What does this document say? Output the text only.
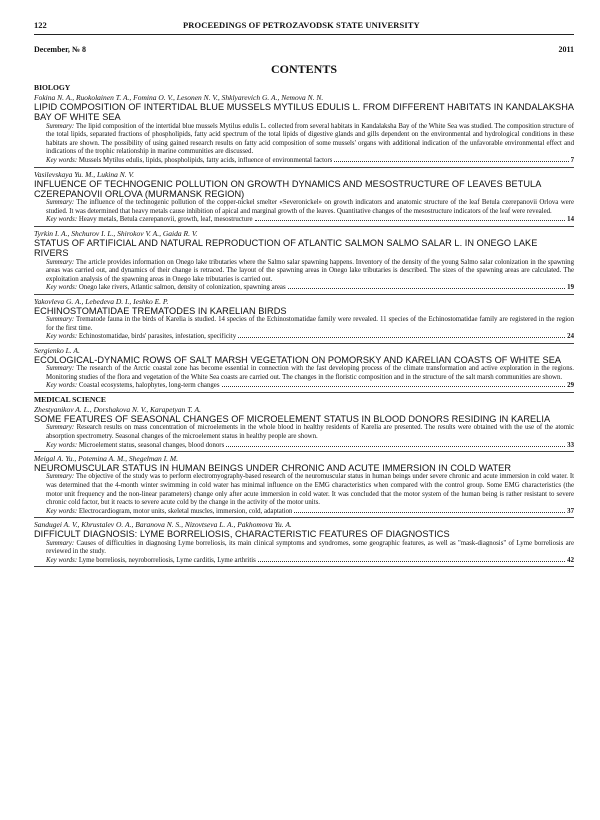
122	PROCEEDINGS OF PETROZAVODSK STATE UNIVERSITY
December, № 8	2011
CONTENTS
BIOLOGY
Fokina N. A., Ruokolainen T. A., Fomina O. V., Lesonen N. V., Shklyarevich G. A., Nemova N. N.
LIPID COMPOSITION OF INTERTIDAL BLUE MUSSELS MYTILUS EDULIS L. FROM DIFFERENT HABITATS IN KANDALAKSHA BAY OF WHITE SEA
Summary: The lipid composition of the intertidal blue mussels Mytilus edulis L. collected from several habitats in Kandalaksha Bay of the White Sea was studied. The composition structure of the total lipids, separated fractions of phospholipids, fatty acid spectrum of the total lipids of digestive glands and gills dependent on the environmental and hydrological conditions in these habitats are shown. The possibility of using gained research results on fatty acid composition of some mussels' organs with additional indication of the unfavorable environmental effect and indications of the trophic relationship in marine communities are discussed.
Key words: Mussels Mytilus edulis, lipids, phospholipids, fatty acids, influence of environmental factors	7
Vasilevskaya Yu. M., Lukina N. V.
INFLUENCE OF TECHNOGENIC POLLUTION ON GROWTH DYNAMICS AND MESOSTRUCTURE OF LEAVES BETULA CZEREPANOVII ORLOVA (MURMANSK REGION)
Summary: The influence of the technogenic pollution of the copper-nickel smelter «Severonickel» on growth indicators and anatomic structure of the leaf Betula czerepanovii Orlova were studied. It was determined that heavy metals cause inhibition of apical and marginal growth of the leaves. Quantitative changes of the mesostructure indicators of the leaf were revealed.
Key words: Heavy metals, Betula czerepanovii, growth, leaf, mesostructure	14
Tyrkin I. A., Shchurov I. L., Shirokov V. A., Gaida R. V.
STATUS OF ARTIFICIAL AND NATURAL REPRODUCTION OF ATLANTIC SALMON SALMO SALAR L. IN ONEGO LAKE RIVERS
Summary: The article provides information on Onego lake tributaries where the Salmo salar spawning happens. Inventory of the density of the young Salmo salar colonization in the spawning areas was carried out, and dynamics of their change is retraced. The layout of the spawning areas in Onego lake tributaries is described. The sizes of the spawning areas are calculated. The exploitation analysis of the spawning areas in Onego lake tributaries is carried out.
Key words: Onego lake rivers, Atlantic salmon, density of colonization, spawning areas	19
Yakovleva G. A., Lebedeva D. I., Ieshko E. P.
ECHINOSTOMATIDAE TREMATODES IN KARELIAN BIRDS
Summary: Trematode fauna in the birds of Karelia is studied. 14 species of the Echinostomatidae family were revealed. 11 species of the Echinostomatidae family are registered in the region for the first time.
Key words: Echinostomatidae, birds' parasites, infestation, specificity	24
Sergienko L. A.
ECOLOGICAL-DYNAMIC ROWS OF SALT MARSH VEGETATION ON POMORSKY AND KARELIAN COASTS OF WHITE SEA
Summary: The research of the Arctic coastal zone has become essential in connection with the fast developing process of the climate transformation and active exploration in the regions. Monitoring studies of the flora and vegetation of the White Sea coasts are carried out. The changes in the floristic composition and in the structure of the salt marsh communities are shown.
Key words: Coastal ecosystems, halophytes, long-term changes	29
MEDICAL SCIENCE
Zhestyanikov A. L., Dorshakova N. V., Karapetyan T. A.
SOME FEATURES OF SEASONAL CHANGES OF MICROELEMENT STATUS IN BLOOD DONORS RESIDING IN KARELIA
Summary: Research results on mass concentration of microelements in the whole blood in healthy residents of Karelia are presented. The results were obtained with the use of the atomic absorption spectrometry. Seasonal changes of the microelement status in healthy people are shown.
Key words: Microelement status, seasonal changes, blood donors	33
Meigal A. Yu., Potemina A. M., Shegelman I. M.
NEUROMUSCULAR STATUS IN HUMAN BEINGS UNDER CHRONIC AND ACUTE IMMERSION IN COLD WATER
Summary: The objective of the study was to perform electromyography-based research of the neuromuscular status in human beings under severe chronic and acute immersion in cold water. It was determined that the 4-month winter swimming in cold water has minimal influence on the EMG characteristics when compared with the control group. Some EMG characteristics (the motor unit frequency and the non-linear parameters) change only after acute immersion in cold water. It was concluded that the motor system of the human being is rather resistant to severe chronic cold factor, but it reacts to severe acute cold by the change in the activity of the motor units.
Key words: Electrocardiogram, motor units, skeletal muscles, immersion, cold, adaptation	37
Sandugei A. V., Khrustalev O. A., Baranova N. S., Nizovtseva L. A., Pakhomova Yu. A.
DIFFICULT DIAGNOSIS: LYME BORRELIOSIS, CHARACTERISTIC FEATURES OF DIAGNOSTICS
Summary: Causes of difficulties in diagnosing Lyme borreliosis, its main clinical symptoms and syndromes, some geographic features, as well as "mask-diagnosis" of Lyme borreliosis are reviewed in the study.
Key words: Lyme borreliosis, neyroborreliosis, Lyme carditis, Lyme arthritis	42
